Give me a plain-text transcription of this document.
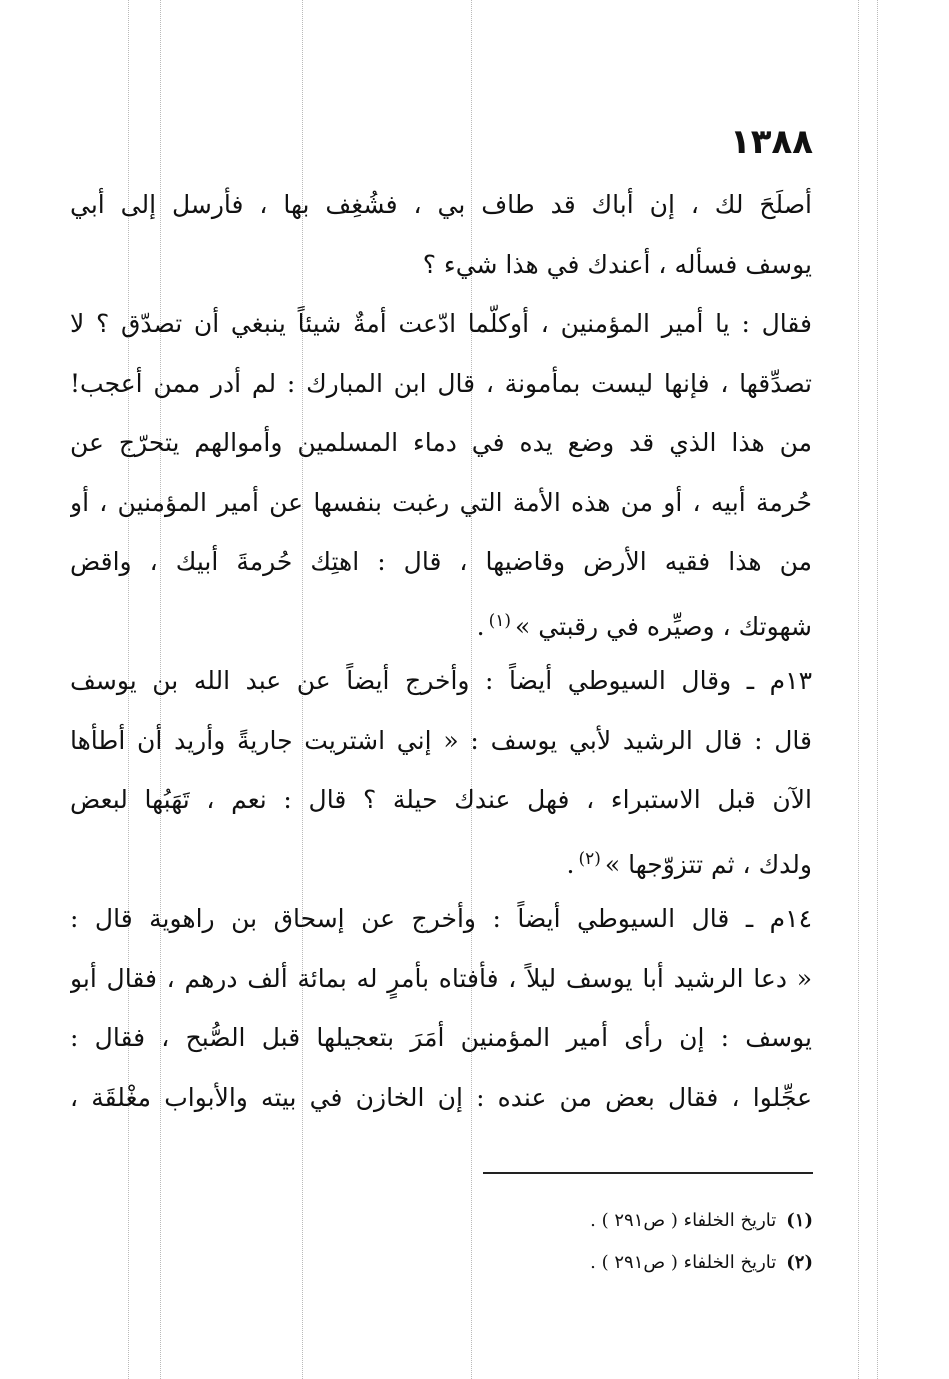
١٣٨٨
أصلَحَ لك ، إن أباك قد طاف بي ، فشُغِف بها ، فأرسل إلى أبي
يوسف فسأله ، أعندك في هذا شيء ؟
فقال : يا أمير المؤمنين ، أوكلّما ادّعت أمةٌ شيئاً ينبغي أن تصدّق ؟ لا
تصدِّقها ، فإنها ليست بمأمونة ، قال ابن المبارك : لم أدر ممن أعجب!
من هذا الذي قد وضع يده في دماء المسلمين وأموالهم يتحرّج عن
حُرمة أبيه ، أو من هذه الأمة التي رغبت بنفسها عن أمير المؤمنين ، أو
من هذا فقيه الأرض وقاضيها ، قال : اهتِك حُرمةَ أبيك ، واقض
شهوتك ، وصيِّره في رقبتي »$^{(١)}$.
١٣م ـ وقال السيوطي أيضاً : وأخرج أيضاً عن عبد الله بن يوسف
قال : قال الرشيد لأبي يوسف : « إني اشتريت جاريةً وأريد أن أطأها
الآن قبل الاستبراء ، فهل عندك حيلة ؟ قال : نعم ، تَهَبُها لبعض
ولدك ، ثم تتزوّجها »$^{(٢)}$.
١٤م ـ قال السيوطي أيضاً : وأخرج عن إسحاق بن راهوية قال :
« دعا الرشيد أبا يوسف ليلاً ، فأفتاه بأمرٍ له بمائة ألف درهم ، فقال أبو
يوسف : إن رأى أمير المؤمنين أمَرَ بتعجيلها قبل الصُّبح ، فقال :
عجِّلوا ، فقال بعض من عنده : إن الخازن في بيته والأبواب مغْلقَة ،
(١)تاريخ الخلفاء ( ص٢٩١ ) .
(٢)تاريخ الخلفاء ( ص٢٩١ ) .
